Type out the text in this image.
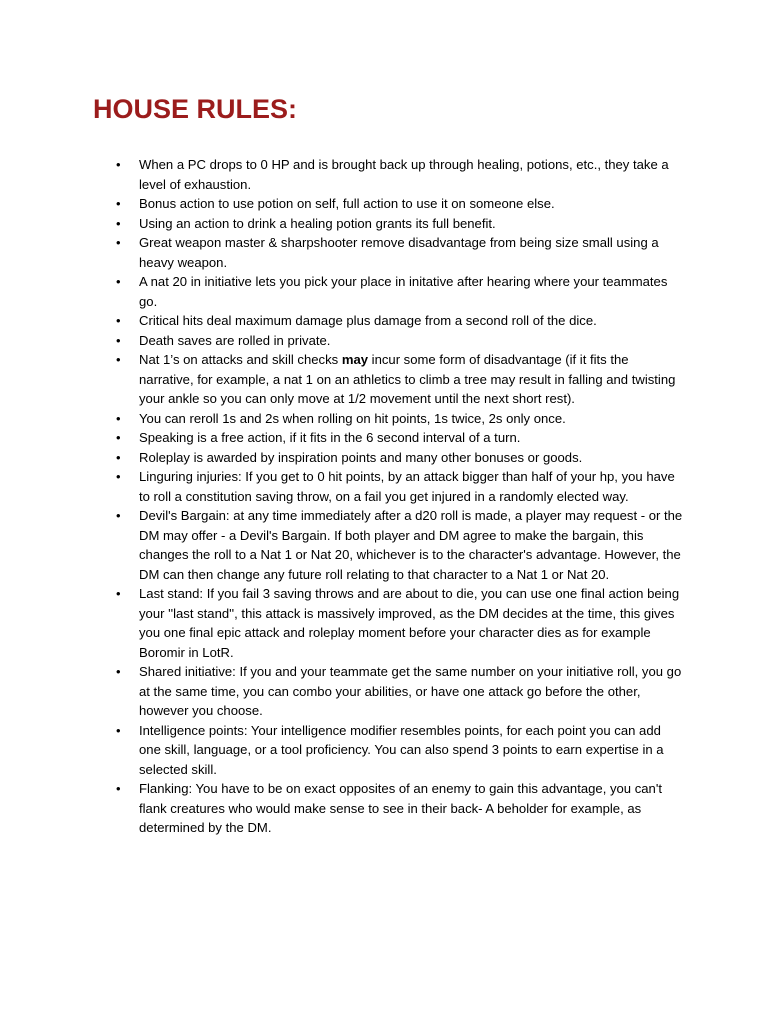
HOUSE RULES:
• When a PC drops to 0 HP and is brought back up through healing, potions, etc., they take a level of exhaustion.
• Bonus action to use potion on self, full action to use it on someone else.
• Using an action to drink a healing potion grants its full benefit.
• Great weapon master & sharpshooter remove disadvantage from being size small using a heavy weapon.
• A nat 20 in initiative lets you pick your place in initative after hearing where your teammates go.
• Critical hits deal maximum damage plus damage from a second roll of the dice.
• Death saves are rolled in private.
• Nat 1’s on attacks and skill checks may incur some form of disadvantage (if it fits the narrative, for example, a nat 1 on an athletics to climb a tree may result in falling and twisting your ankle so you can only move at 1/2 movement until the next short rest).
• You can reroll 1s and 2s when rolling on hit points, 1s twice, 2s only once.
• Speaking is a free action, if it fits in the 6 second interval of a turn.
• Roleplay is awarded by inspiration points and many other bonuses or goods.
• Linguring injuries: If you get to 0 hit points, by an attack bigger than half of your hp, you have to roll a constitution saving throw, on a fail you get injured in a randomly elected way.
• Devil's Bargain: at any time immediately after a d20 roll is made, a player may request - or the DM may offer - a Devil's Bargain. If both player and DM agree to make the bargain, this changes the roll to a Nat 1 or Nat 20, whichever is to the character's advantage. However, the DM can then change any future roll relating to that character to a Nat 1 or Nat 20.
• Last stand: If you fail 3 saving throws and are about to die, you can use one final action being your ''last stand'', this attack is massively improved, as the DM decides at the time, this gives you one final epic attack and roleplay moment before your character dies as for example Boromir in LotR.
• Shared initiative: If you and your teammate get the same number on your initiative roll, you go at the same time, you can combo your abilities, or have one attack go before the other, however you choose.
• Intelligence points: Your intelligence modifier resembles points, for each point you can add one skill, language, or a tool proficiency. You can also spend 3 points to earn expertise in a selected skill.
• Flanking: You have to be on exact opposites of an enemy to gain this advantage, you can't flank creatures who would make sense to see in their back- A beholder for example, as determined by the DM.
